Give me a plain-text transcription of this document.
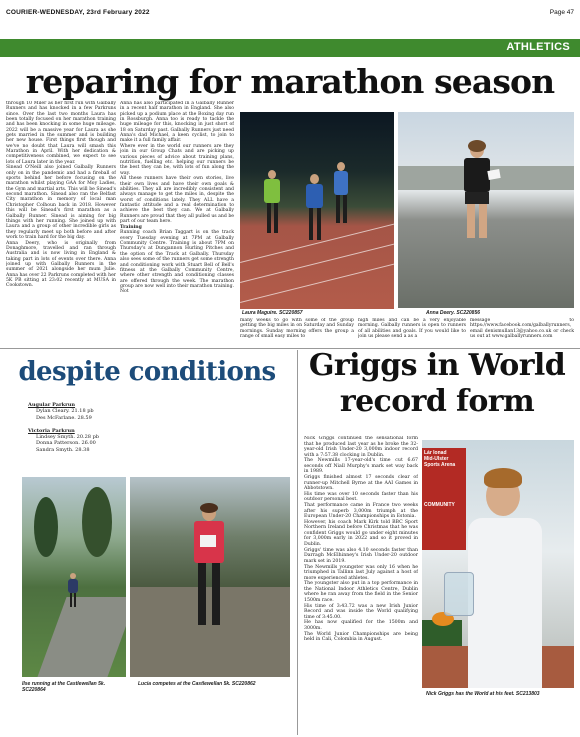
COURIER-WEDNESDAY, 23rd February 2022	Page 47
ATHLETICS
reparing for marathon season

through 10 Miler as her first run with Galbally Runners and has knocked in a few Parkruns since. Over the last two months Laura has been totally focused on her marathon training and has been knocking in some huge mileage. 2022 will be a massive year for Laura as she gets married in the summer and is building her new house. First things first though and we've no doubt that Laura will smash this Marathon in April. With her dedication & competitiveness combined, we expect to see lots of Laura later in the year.

Sinead O'Neill also joined Galbally Runners only on in the pandemic and had a fireball of sports behind her before focusing on the marathon whilst playing GAA for Moy Ladies, the Gym and martial arts. This will be Sinead's second marathon. Sinead also ran the Belfast City marathon in memory of local man Christopher Colhoun back in 2018. However this will be Sinead's first marathon as a Galbally Runner. Sinead is aiming for big things with her running. She joined up with Laura and a group of other incredible girls as they regularly meet up both before and after work to train hard for the big day.

Anna Deery, who is originally from Donaghmore, travelled and ran through Australia and is now living in England & taking part in lots of events over there. Anna joined up with Galbally Runners in the summer of 2021 alongside her mum Julie. Anna has over 22 Parkruns completed with her 5K PB sitting at 23:02 recently at MUSA in Cookstown.

Anna has also participated in a Galbally Runner in a recent half marathon in England. She also picked up a podium place at the Boxing day run in Rossburgh. Anna too is ready to tackle the huge mileage for this, knocking in just short of 18 on Saturday past. Galbally Runners just need Anna's dad Michael, a keen cyclist, to join to make it a full family affair.

Where ever in the world our runners are they join in our Group Chats and are picking up various pieces of advice about training plans, nutrition, fuelling etc. helping our runners be the best they can be, with lots of fun along the way.

All these runners have their own stories, live their own lives and have their own goals & abilities. They all are incredibly consistent and always manage to get the miles in, despite the worst of conditions lately. They ALL have a fantastic attitude and a real determination to achieve the best they can. We at Galbally Runners are proud that they all pulled us and be part of our team here.

Training

Running coach Brian Taggart is on the track every Tuesday evening at 7PM at Galbally Community Centre. Training is about 7PM on Thursday's at Dungannon Hurling Pitches and the option of the Track at Galbally. Thursday also sees some of the runners get some strength and conditioning work with Stuart Bell of Bell's fitness at the Galbally Community Centre, where other strength and conditioning classes are offered through the week. The marathon group are now well into their marathon training. Not

Laura Maguire. SC220857	Anna Deery. SC220856

many weeks to go with some of the group getting the big miles in on Saturday and Sunday mornings. Sunday morning offers the group a range of small easy miles to

high miles and can be a very enjoyable morning. Galbally runners is open to runners of all abilities and goals. If you would like to join us please send a as a

message to https://www.facebook.com/galballyrunners, email denismullan13@yahoo.co.uk or check us out at www.galballyrunners.com

despite conditions
Augular Parkrun
Dylan Cleary. 21.18 pb
Des McFarlane. 28.59
Victoria Parkrun
Lindsey Smyth. 20.28 pb
Donna Patterson. 26.00
Sandra Smyth. 28.38
Ilse running at the Castlewellan 5k. SC220864
Lucia competes at the Castlewellan 5k. SC220862
Griggs in World record form

Nick Griggs continued the sensational form that he produced last year as he broke the 32-year-old Irish Under-20 3,000m indoor record with a 7:57.38 clocking in Dublin.

The Newmills 17-year-old's time cut 6.67 seconds off Niall Murphy's mark set way back in 1989.

Griggs finished almost 17 seconds clear of runner-up Mitchell Byrne at the AAI Games in Abbotstown.

His time was over 10 seconds faster than his outdoor personal best.

That performance came in France two weeks after his superb 3,000m triumph at the European Under-20 Championships in Estonia.

However, his coach Mark Kirk told BBC Sport Northern Ireland before Christmas that he was confident Griggs would go under eight minutes for 3,000m early in 2022 and so it proved in Dublin.

Griggs' time was also 4.10 seconds faster than Darragh McElhinney's Irish Under-20 outdoor mark set in 2019.

The Newmills youngster was only 16 when he triumphed in Tallinn last July against a host of more experienced athletes.

The youngster also put in a top performance in the National Indoor Athletics Centre, Dublin where he ran away from the field in the Senior 1500m race.

His time of 3:43.72 was a new Irish Junior Record and was inside the World qualifying time of 3:45.00.

He has now qualified for the 1500m and 3000m.

The World Junior Championships are being held in Cali, Colombia in August.

Lár Ionad
Mid-Ulster
Sports Arena
COMMUNITY
Nick Griggs has the World at his feet. SC213803
